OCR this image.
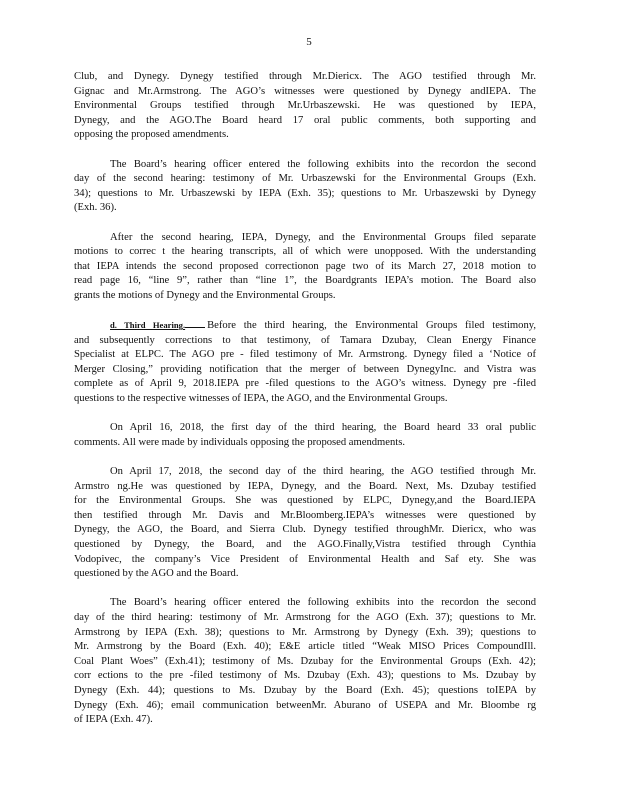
5
Club, and Dynegy. Dynegy testified through Mr.Diericx. The AGO testified through Mr.
Gignac and Mr.Armstrong. The AGO’s witnesses were questioned by Dynegy andIEPA. The
Environmental Groups testified through Mr.Urbaszewski. He was questioned by IEPA,
Dynegy, and the AGO.The Board heard 17 oral public comments, both supporting and
opposing the proposed amendments.
The Board’s hearing officer entered the following exhibits into the recordon the second
day of the second hearing: testimony of Mr. Urbaszewski for the Environmental Groups (Exh.
34); questions to Mr. Urbaszewski by IEPA (Exh. 35); questions to Mr. Urbaszewski by Dynegy
(Exh. 36).
After the second hearing, IEPA, Dynegy, and the Environmental Groups filed separate
motions to correc t the hearing transcripts, all of which were unopposed. With the understanding
that IEPA intends the second proposed correctionon page two of its March 27, 2018 motion to
read page 16, “line 9”, rather than “line 1”, the Boardgrants IEPA’s motion. The Board also
grants the motions of Dynegy and the Environmental Groups.
d. Third Hearing. Before the third hearing, the Environmental Groups filed testimony,
and subsequently corrections to that testimony, of Tamara Dzubay, Clean Energy Finance
Specialist at ELPC. The AGO pre - filed testimony of Mr. Armstrong. Dynegy filed a ‘Notice of
Merger Closing,” providing notification that the merger of between DynegyInc. and Vistra was
complete as of April 9, 2018.IEPA pre -filed questions to the AGO’s witness. Dynegy pre -filed
questions to the respective witnesses of IEPA, the AGO, and the Environmental Groups.
On April 16, 2018, the first day of the third hearing, the Board heard 33 oral public
comments. All were made by individuals opposing the proposed amendments.
On April 17, 2018, the second day of the third hearing, the AGO testified through Mr.
Armstro ng.He was questioned by IEPA, Dynegy, and the Board. Next, Ms. Dzubay testified
for the Environmental Groups. She was questioned by ELPC, Dynegy,and the Board.IEPA
then testified through Mr. Davis and Mr.Bloomberg.IEPA’s witnesses were questioned by
Dynegy, the AGO, the Board, and Sierra Club. Dynegy testified throughMr. Diericx, who was
questioned by Dynegy, the Board, and the AGO.Finally,Vistra testified through Cynthia
Vodopivec, the company’s Vice President of Environmental Health and Saf ety. She was
questioned by the AGO and the Board.
The Board’s hearing officer entered the following exhibits into the recordon the second
day of the third hearing: testimony of Mr. Armstrong for the AGO (Exh. 37); questions to Mr.
Armstrong by IEPA (Exh. 38); questions to Mr. Armstrong by Dynegy (Exh. 39); questions to
Mr. Armstrong by the Board (Exh. 40); E&E article titled “Weak MISO Prices CompoundIll.
Coal Plant Woes” (Exh.41); testimony of Ms. Dzubay for the Environmental Groups (Exh. 42);
corr ections to the pre -filed testimony of Ms. Dzubay (Exh. 43); questions to Ms. Dzubay by
Dynegy (Exh. 44); questions to Ms. Dzubay by the Board (Exh. 45); questions toIEPA by
Dynegy (Exh. 46); email communication betweenMr. Aburano of USEPA and Mr. Bloombe rg
of IEPA (Exh. 47).
